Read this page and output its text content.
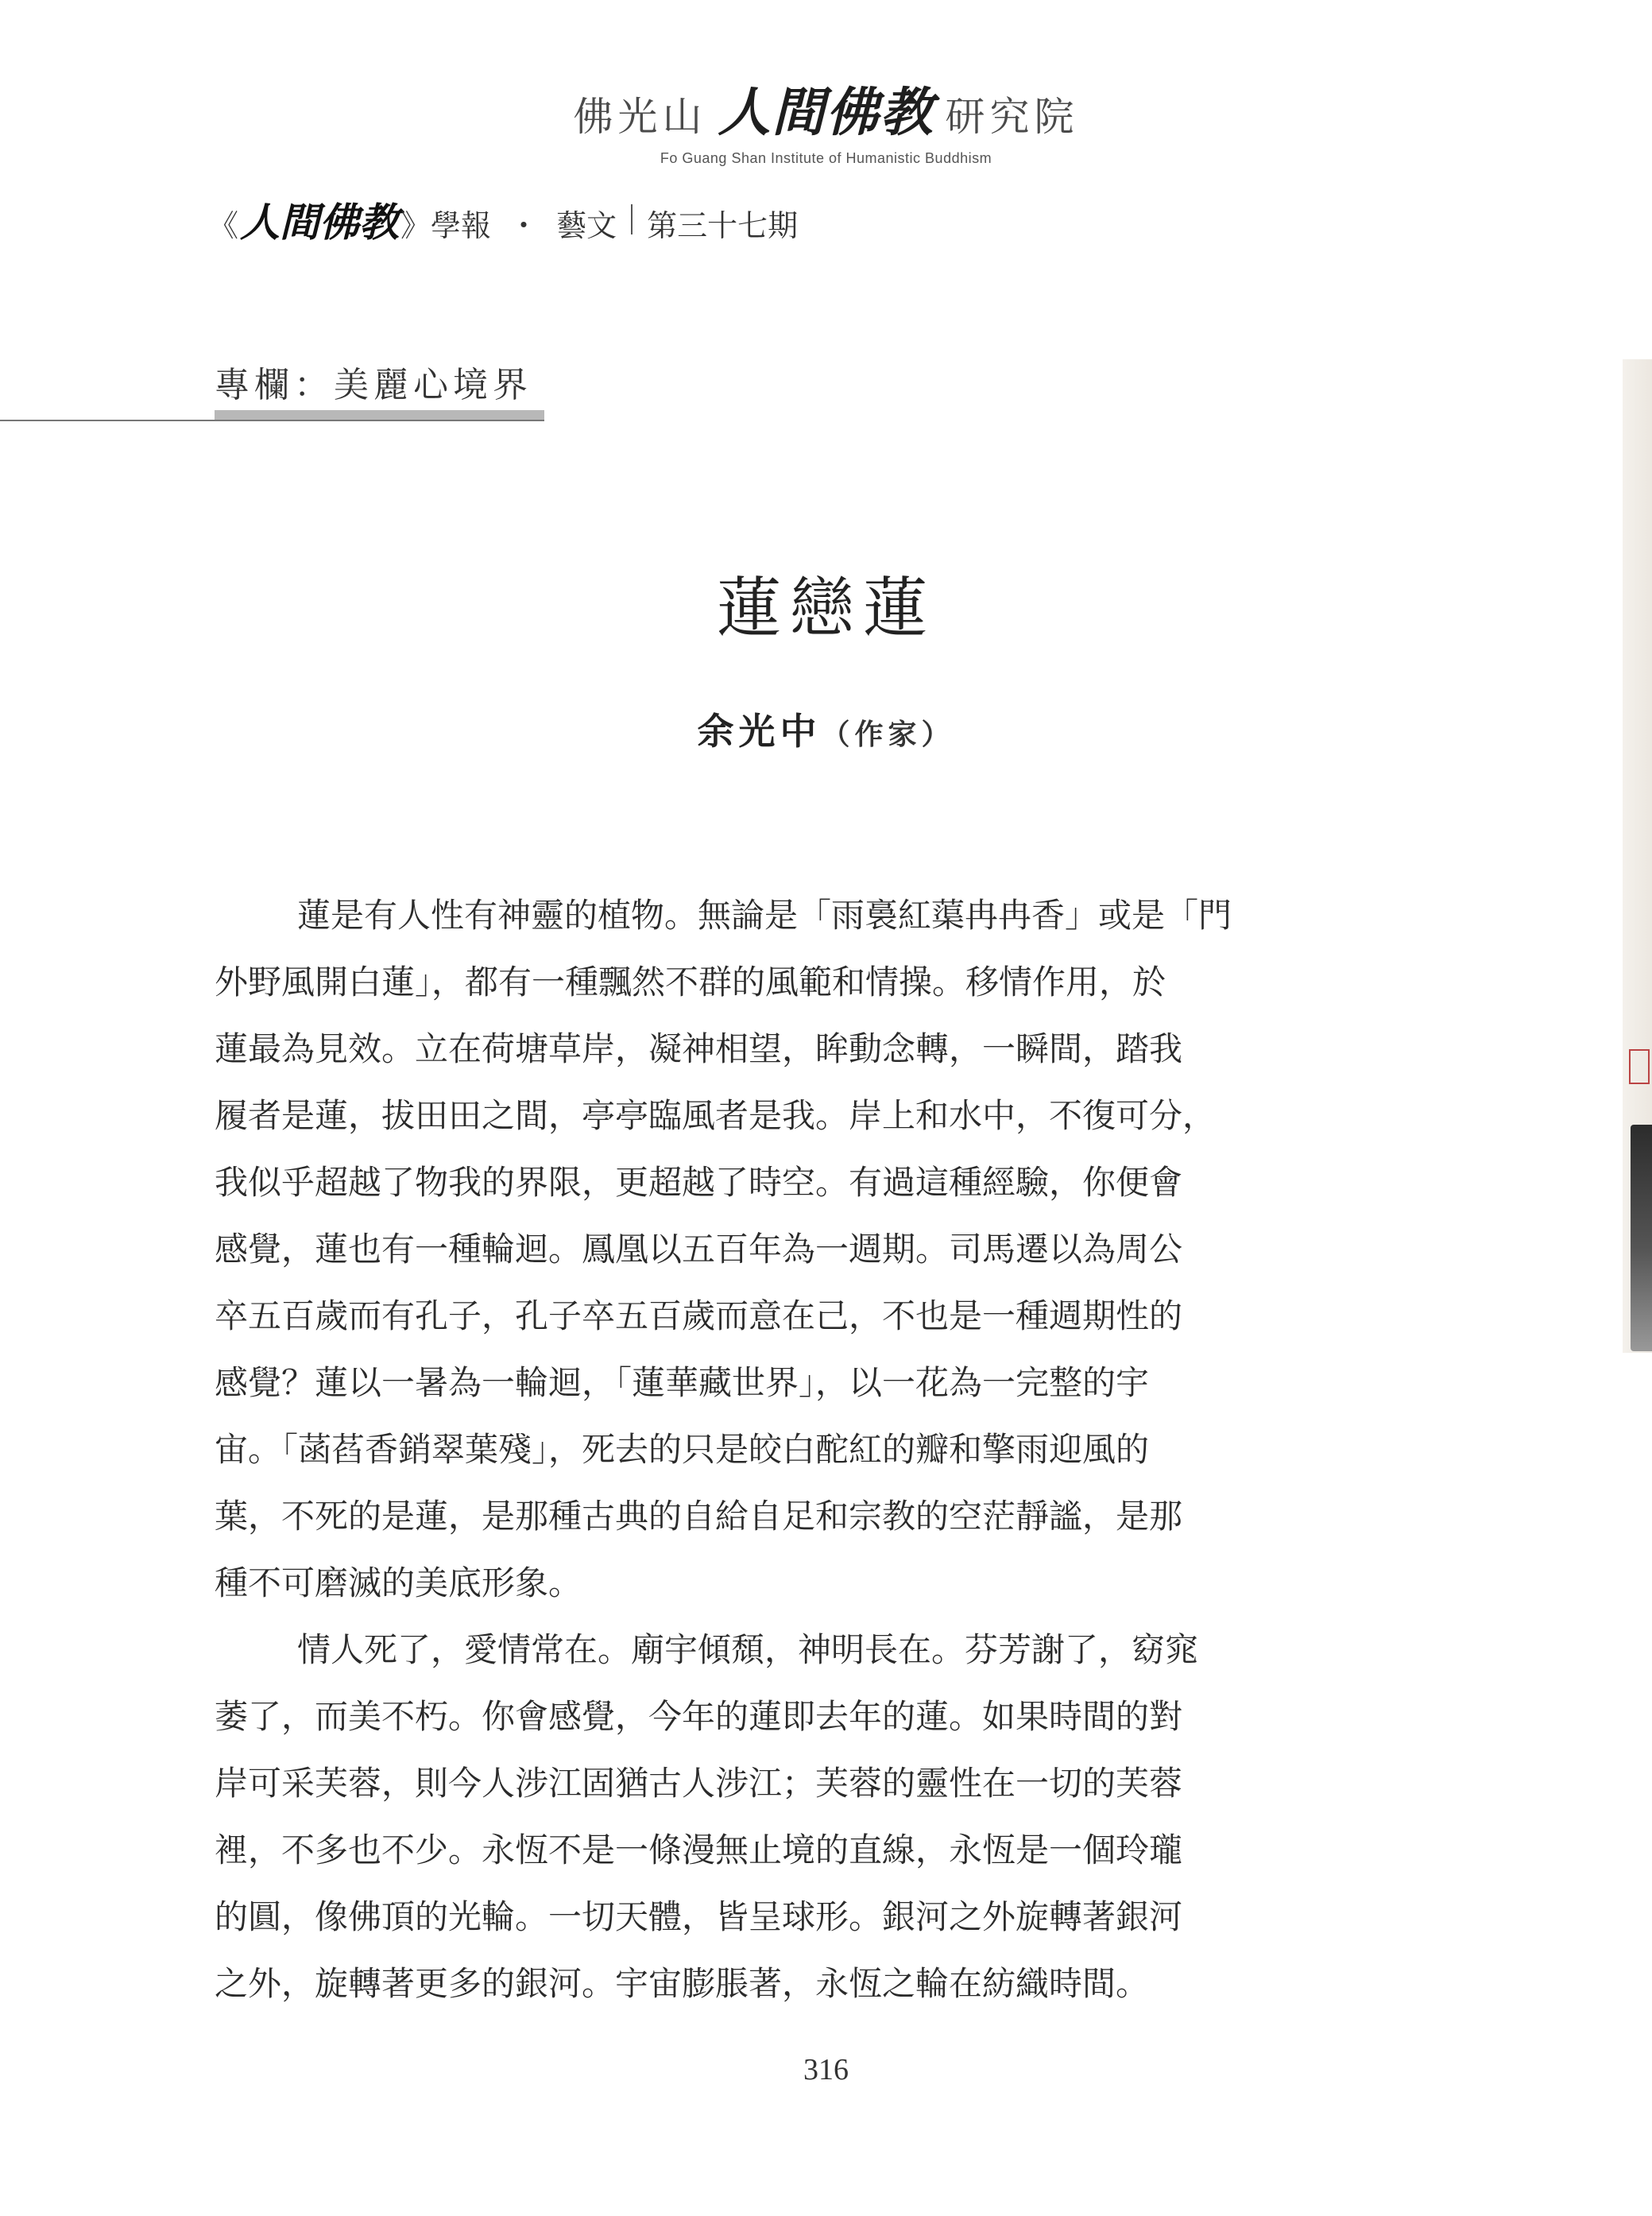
佛光山 人間佛教 研究院
Fo Guang Shan Institute of Humanistic Buddhism
《 人間佛教 》 學報 ・ 藝文 第三十七期
專欄：美麗心境界
蓮戀蓮
余光中（作家）
蓮是有人性有神靈的植物。無論是「雨裛紅蕖冉冉香」或是「門
外野風開白蓮」，都有一種飄然不群的風範和情操。移情作用，於
蓮最為見效。立在荷塘草岸，凝神相望，眸動念轉，一瞬間，踏我
履者是蓮，拔田田之間，亭亭臨風者是我。岸上和水中，不復可分，
我似乎超越了物我的界限，更超越了時空。有過這種經驗，你便會
感覺，蓮也有一種輪迴。鳳凰以五百年為一週期。司馬遷以為周公
卒五百歲而有孔子，孔子卒五百歲而意在己，不也是一種週期性的
感覺？蓮以一暑為一輪迴，「蓮華藏世界」，以一花為一完整的宇
宙。「菡萏香銷翠葉殘」，死去的只是皎白酡紅的瓣和擎雨迎風的
葉，不死的是蓮，是那種古典的自給自足和宗教的空茫靜謐，是那
種不可磨滅的美底形象。
情人死了，愛情常在。廟宇傾頹，神明長在。芬芳謝了，窈窕
萎了，而美不朽。你會感覺，今年的蓮即去年的蓮。如果時間的對
岸可采芙蓉，則今人涉江固猶古人涉江；芙蓉的靈性在一切的芙蓉
裡，不多也不少。永恆不是一條漫無止境的直線，永恆是一個玲瓏
的圓，像佛頂的光輪。一切天體，皆呈球形。銀河之外旋轉著銀河
之外，旋轉著更多的銀河。宇宙膨脹著，永恆之輪在紡織時間。
316
